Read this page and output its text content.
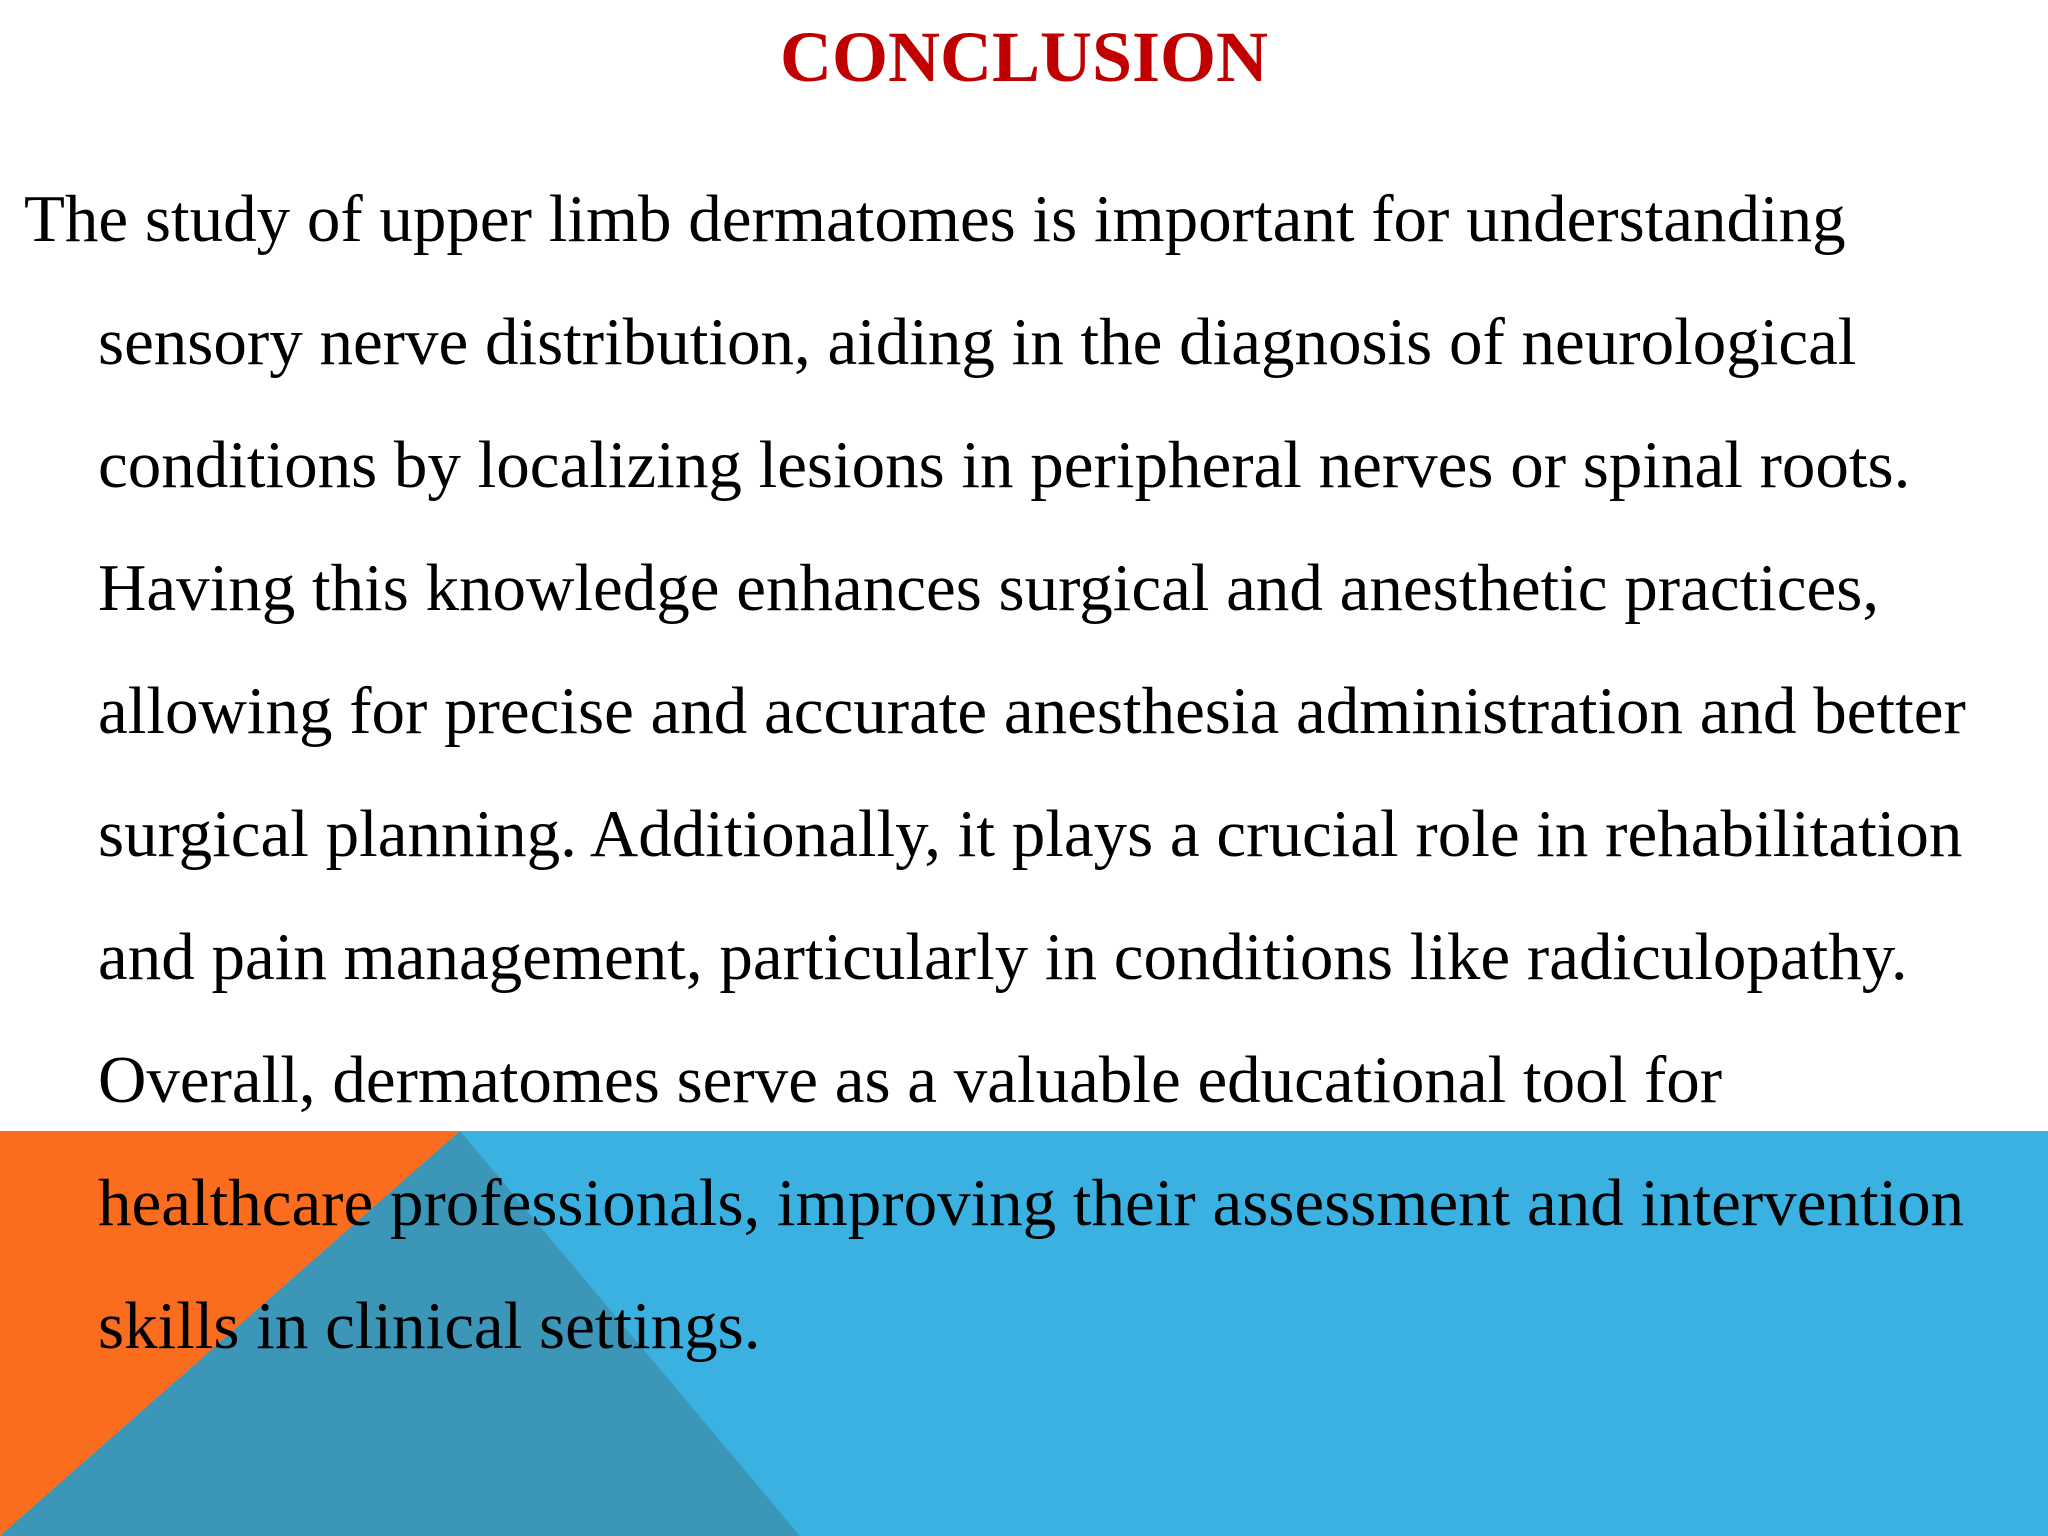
CONCLUSION
The study of upper limb dermatomes is important for understanding
sensory nerve distribution, aiding in the diagnosis of neurological
conditions by localizing lesions in peripheral nerves or spinal roots.
Having this knowledge enhances surgical and anesthetic practices,
allowing for precise and accurate anesthesia administration and better
surgical planning. Additionally, it plays a crucial role in rehabilitation
and pain management, particularly in conditions like radiculopathy.
Overall, dermatomes serve as a valuable educational tool for
healthcare professionals, improving their assessment and intervention
skills in clinical settings.
